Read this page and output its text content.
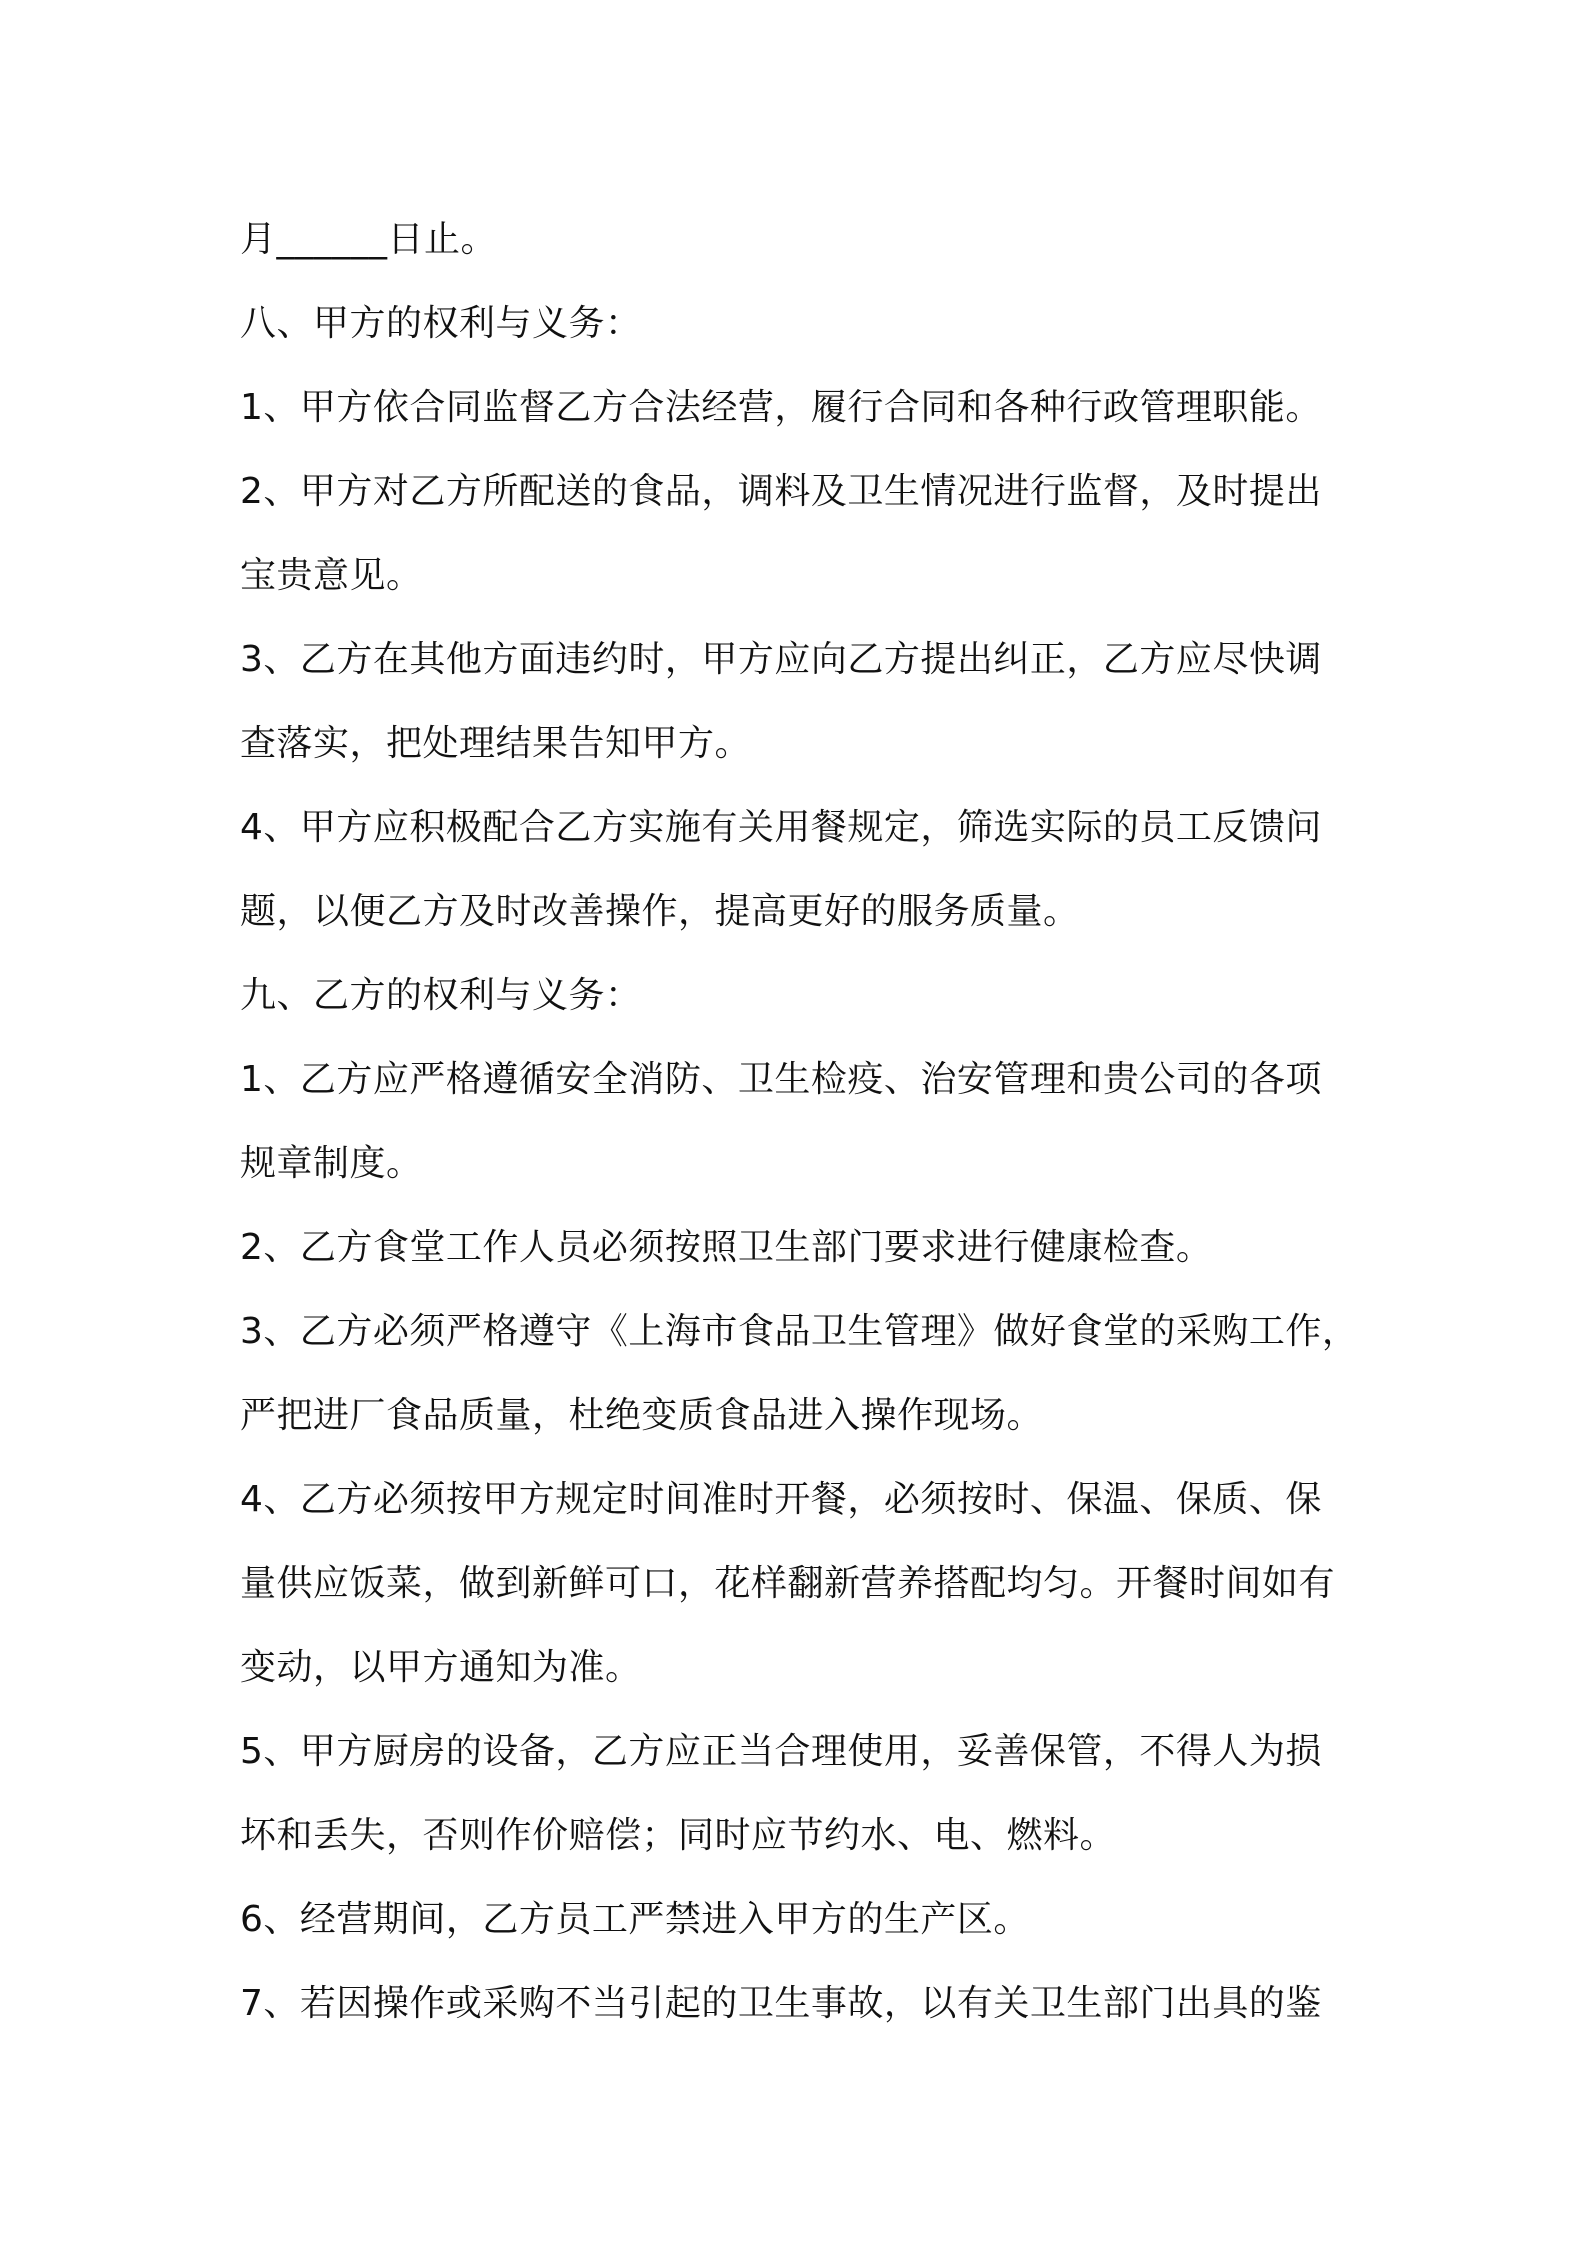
月______日止。
八、甲方的权利与义务：
1、甲方依合同监督乙方合法经营，履行合同和各种行政管理职能。
2、甲方对乙方所配送的食品，调料及卫生情况进行监督，及时提出
宝贵意见。
3、乙方在其他方面违约时，甲方应向乙方提出纠正，乙方应尽快调
查落实，把处理结果告知甲方。
4、甲方应积极配合乙方实施有关用餐规定，筛选实际的员工反馈问
题，以便乙方及时改善操作，提高更好的服务质量。
九、乙方的权利与义务：
1、乙方应严格遵循安全消防、卫生检疫、治安管理和贵公司的各项
规章制度。
2、乙方食堂工作人员必须按照卫生部门要求进行健康检查。
3、乙方必须严格遵守《上海市食品卫生管理》做好食堂的采购工作，
严把进厂食品质量，杜绝变质食品进入操作现场。
4、乙方必须按甲方规定时间准时开餐，必须按时、保温、保质、保
量供应饭菜，做到新鲜可口，花样翻新营养搭配均匀。开餐时间如有
变动，以甲方通知为准。
5、甲方厨房的设备，乙方应正当合理使用，妥善保管，不得人为损
坏和丢失，否则作价赔偿；同时应节约水、电、燃料。
6、经营期间，乙方员工严禁进入甲方的生产区。
7、若因操作或采购不当引起的卫生事故，以有关卫生部门出具的鉴
